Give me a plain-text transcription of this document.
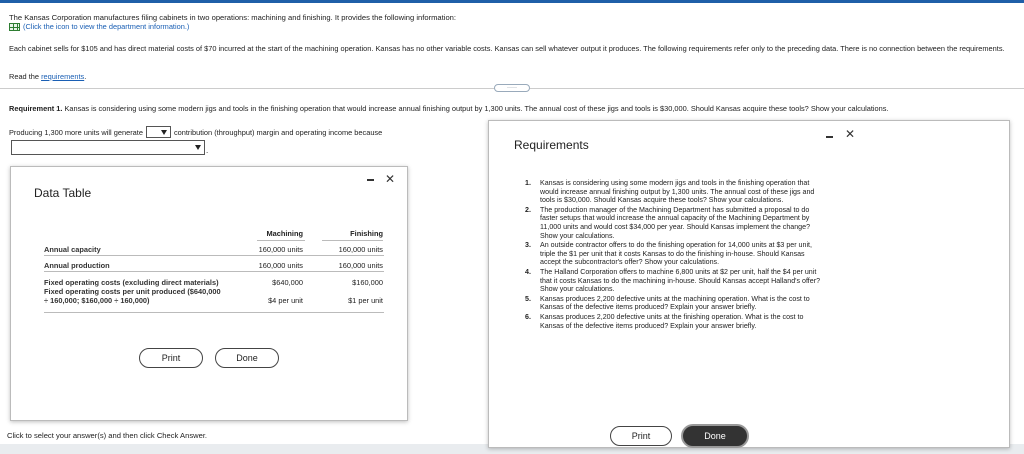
The Kansas Corporation manufactures filing cabinets in two operations: machining and finishing. It provides the following information:
(Click the icon to view the department information.)
Each cabinet sells for $105 and has direct material costs of $70 incurred at the start of the machining operation. Kansas has no other variable costs. Kansas can sell whatever output it produces. The following requirements refer only to the preceding data. There is no connection between the requirements.
Read the requirements.
·····
Requirement 1. Kansas is considering using some modern jigs and tools in the finishing operation that would increase annual finishing output by 1,300 units. The annual cost of these jigs and tools is $30,000. Should Kansas acquire these tools? Show your calculations.
Producing 1,300 more units will generate	contribution (throughput) margin and operating income because
.
Click to select your answer(s) and then click Check Answer.
Data Table
✕
Machining	Finishing
Annual capacity	160,000 units	160,000 units
Annual production	160,000 units	160,000 units
Fixed operating costs (excluding direct materials)	$640,000	$160,000
Fixed operating costs per unit produced ($640,000
÷ 160,000; $160,000 ÷ 160,000)	$4 per unit	$1 per unit
Print	Done
Requirements
✕
1.	Kansas is considering using some modern jigs and tools in the finishing operation that would increase annual finishing output by 1,300 units. The annual cost of these jigs and tools is $30,000. Should Kansas acquire these tools? Show your calculations.
2.	The production manager of the Machining Department has submitted a proposal to do faster setups that would increase the annual capacity of the Machining Department by 11,000 units and would cost $34,000 per year. Should Kansas implement the change? Show your calculations.
3.	An outside contractor offers to do the finishing operation for 14,000 units at $3 per unit, triple the $1 per unit that it costs Kansas to do the finishing in-house. Should Kansas accept the subcontractor's offer? Show your calculations.
4.	The Halland Corporation offers to machine 6,800 units at $2 per unit, half the $4 per unit that it costs Kansas to do the machining in-house. Should Kansas accept Halland's offer? Show your calculations.
5.	Kansas produces 2,200 defective units at the machining operation. What is the cost to Kansas of the defective items produced? Explain your answer briefly.
6.	Kansas produces 2,200 defective units at the finishing operation. What is the cost to Kansas of the defective items produced? Explain your answer briefly.
Print	Done
